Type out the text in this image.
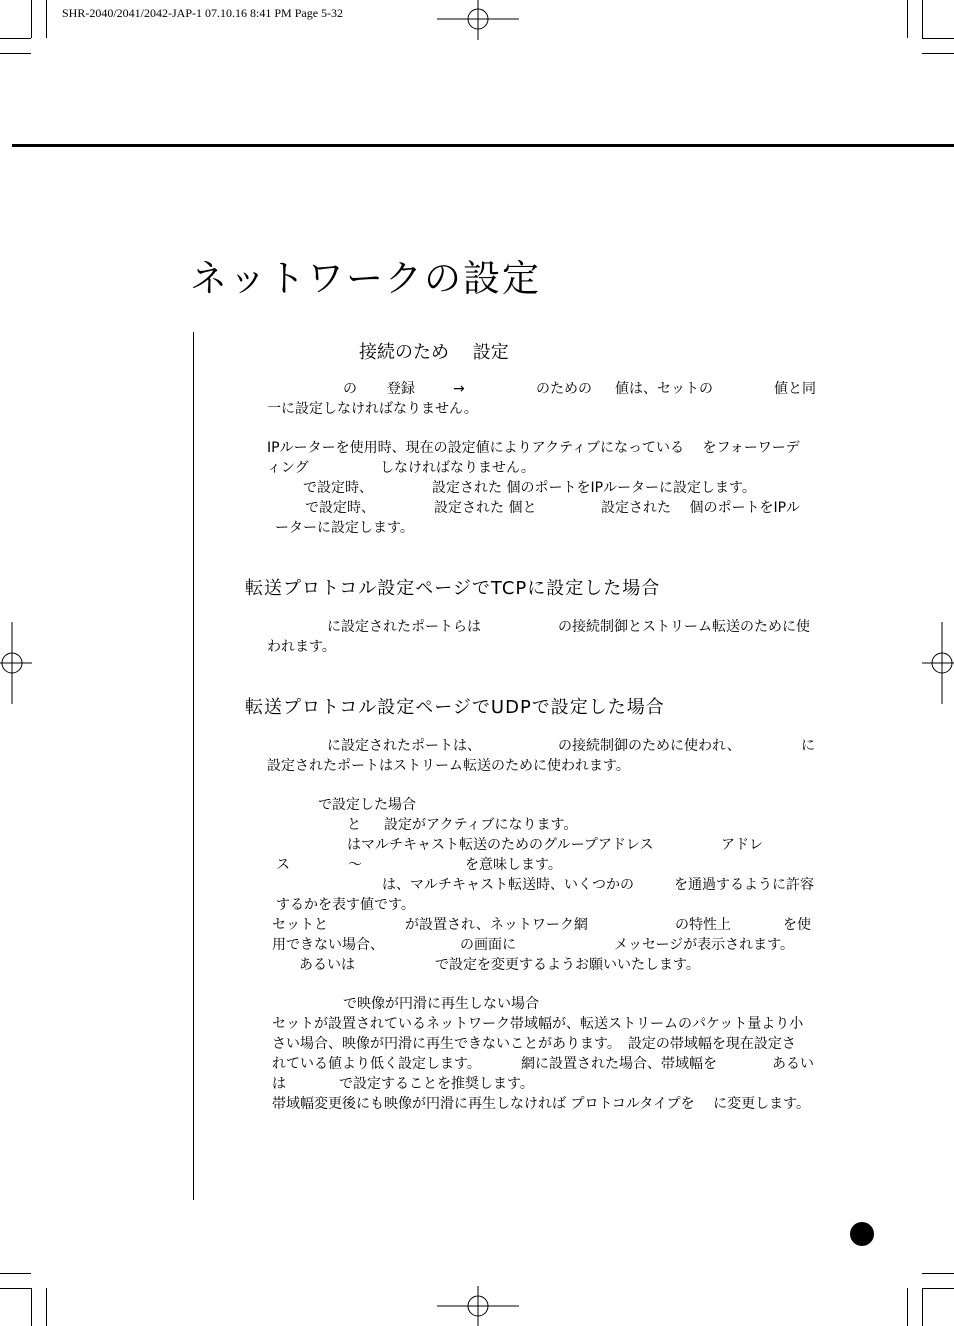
SHR-2040/2041/2042-JAP-1 07.10.16 8:41 PM Page 5-32
ネットワークの設定
接続のため　 設定
の 登録	→	のための 値は、セットの	値と同
一に設定しなければなりません。
IPルーターを使用時、現在の設定値によりアクティブになっている　 をフォーワーデ
ィング	しなければなりません。
で設定時、	設定された 個のポートをIPルーターに設定します。
で設定時、	設定された 個と	設定された　 個のポートをIPル
ーターに設定します。
転送プロトコル設定ページでTCPに設定した場合
に設定されたポートらは	の接続制御とストリーム転送のために使
われます。
転送プロトコル設定ページでUDPで設定した場合
に設定されたポートは、	の接続制御のために使われ、	に
設定されたポートはストリーム転送のために使われます。
で設定した場合
と 設定がアクティブになります。
はマルチキャスト転送のためのグループアドレス	アドレ
ス	～	を意味します。
は、マルチキャスト転送時、いくつかの	を通過するように許容
するかを表す値です。
セットと	が設置され、ネットワーク網	の特性上	を使
用できない場合、	の画面に	メッセージが表示されます。
あるいは	で設定を変更するようお願いいたします。
で映像が円滑に再生しない場合
セットが設置されているネットワーク帯域幅が、転送ストリームのパケット量より小
さい場合、映像が円滑に再生できないことがあります。　設定の帯域幅を現在設定さ
れている値より低く設定します。	網に設置された場合、帯域幅を	あるい
は	で設定することを推奨します。
帯域幅変更後にも映像が円滑に再生しなければ プロトコルタイプを　 に変更します。
